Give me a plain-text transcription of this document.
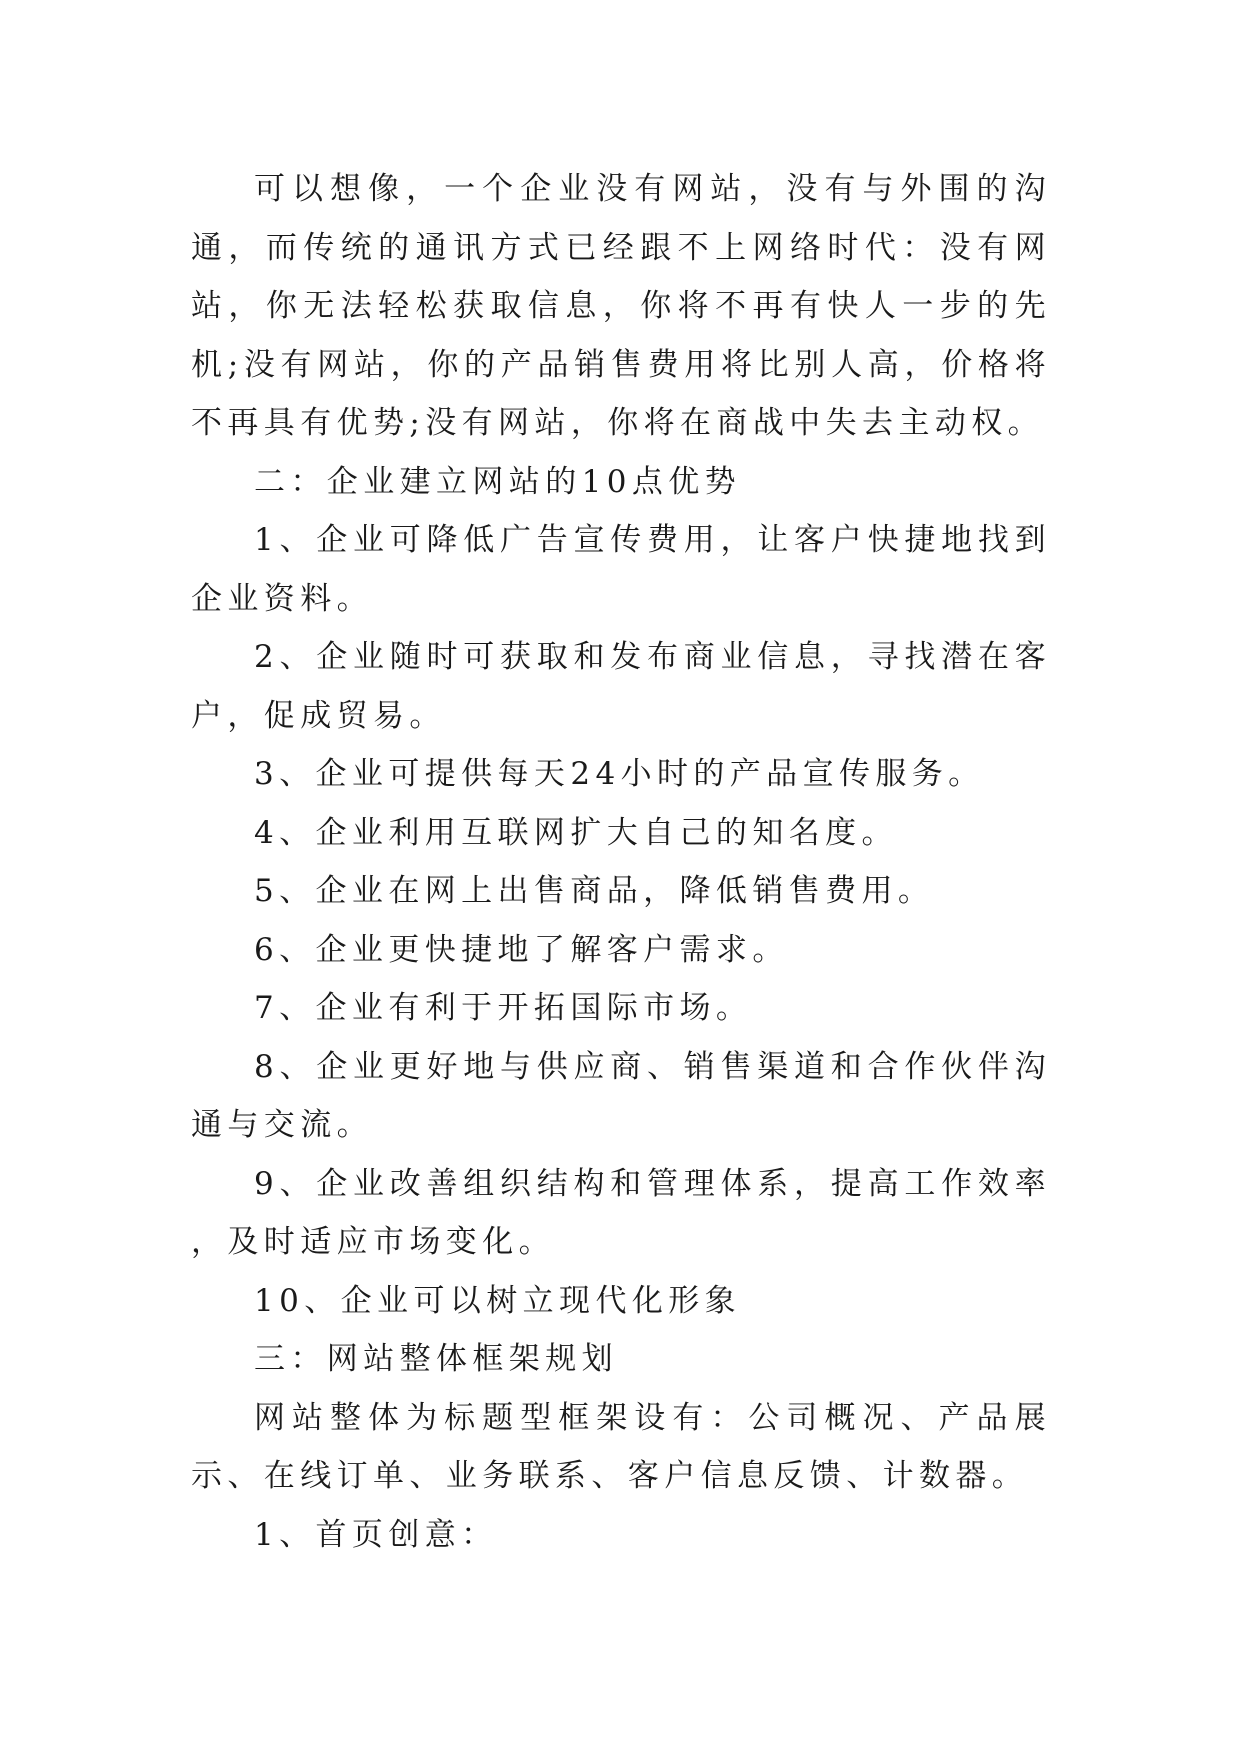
可以想像，一个企业没有网站，没有与外围的沟通，而传统的通讯方式已经跟不上网络时代：没有网站，你无法轻松获取信息，你将不再有快人一步的先机;没有网站，你的产品销售费用将比别人高，价格将不再具有优势;没有网站，你将在商战中失去主动权。

二：企业建立网站的10点优势

1、企业可降低广告宣传费用，让客户快捷地找到企业资料。

2、企业随时可获取和发布商业信息，寻找潜在客户，促成贸易。

3、企业可提供每天24小时的产品宣传服务。

4、企业利用互联网扩大自己的知名度。

5、企业在网上出售商品，降低销售费用。

6、企业更快捷地了解客户需求。

7、企业有利于开拓国际市场。

8、企业更好地与供应商、销售渠道和合作伙伴沟通与交流。

9、企业改善组织结构和管理体系，提高工作效率，及时适应市场变化。

10、企业可以树立现代化形象

三：网站整体框架规划

网站整体为标题型框架设有：公司概况、产品展示、在线订单、业务联系、客户信息反馈、计数器。

1、首页创意：
